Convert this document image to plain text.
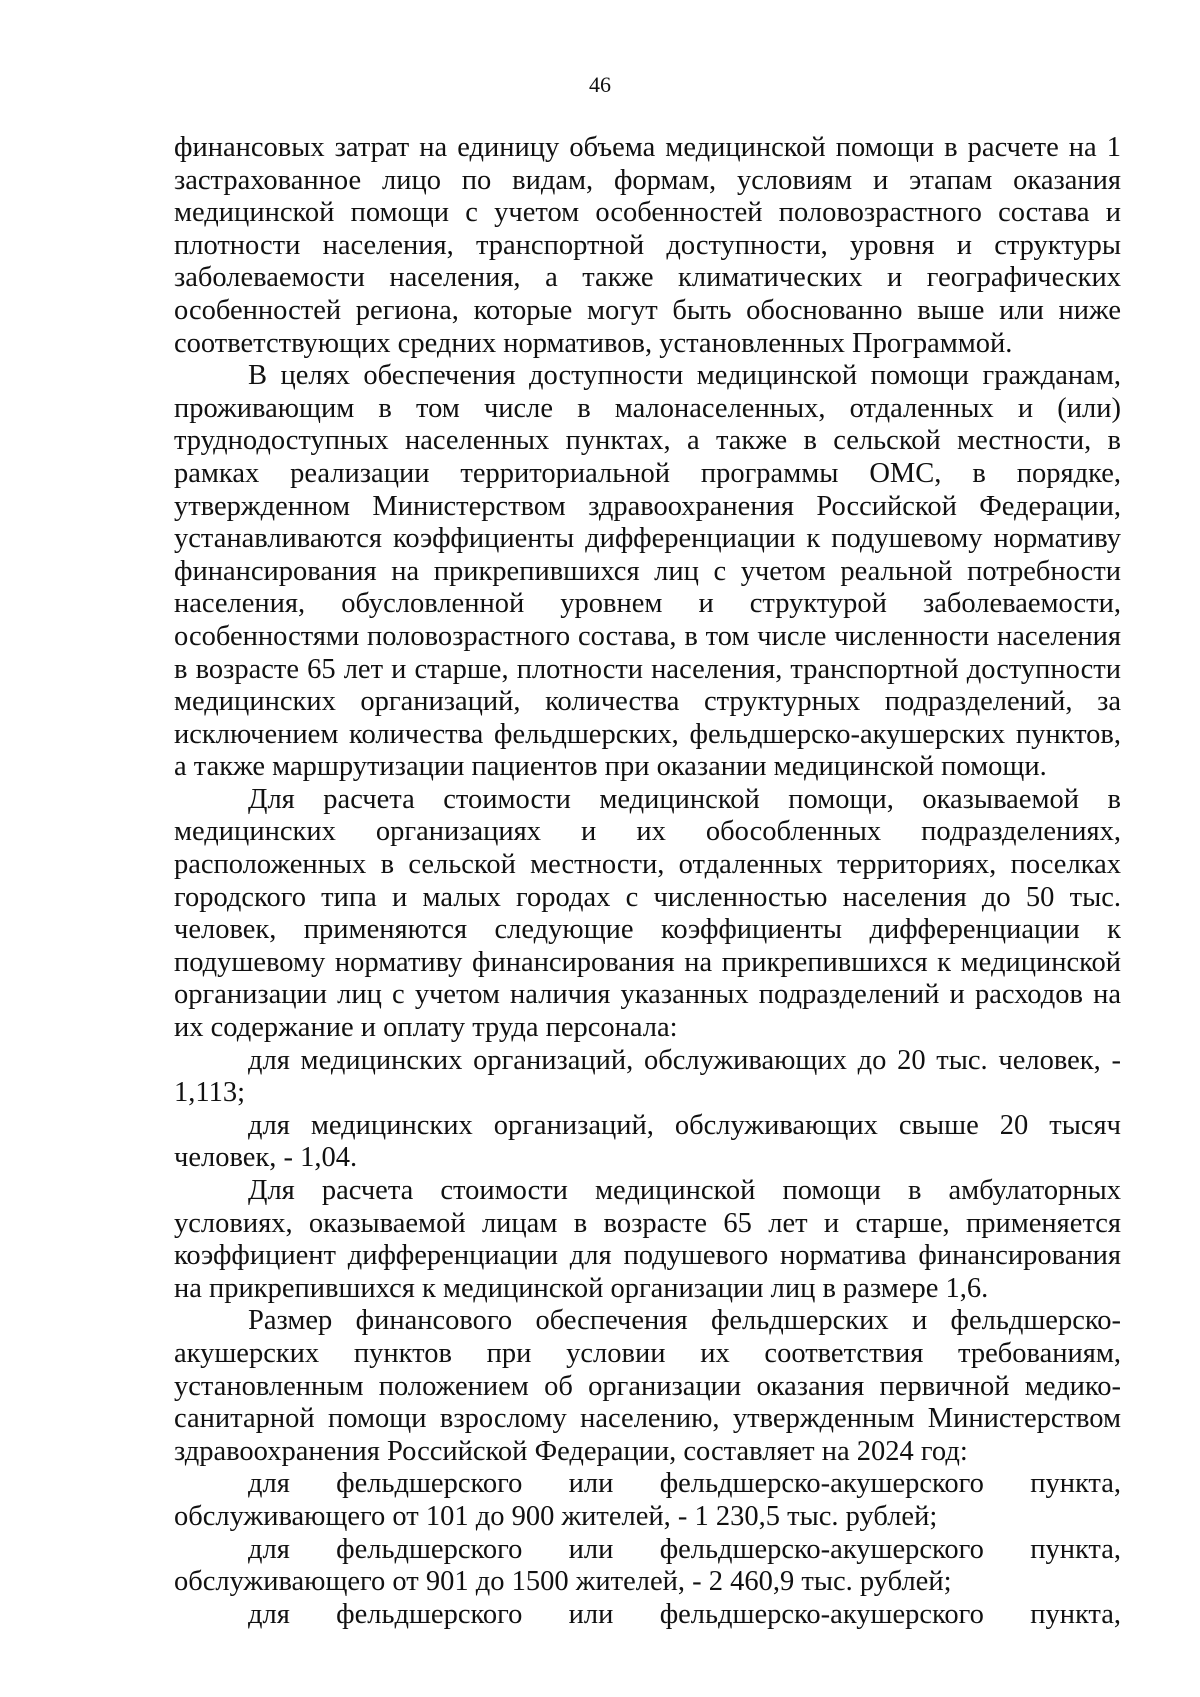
46

финансовых затрат на единицу объема медицинской помощи в расчете на 1 застрахованное лицо по видам, формам, условиям и этапам оказания медицинской помощи с учетом особенностей половозрастного состава и плотности населения, транспортной доступности, уровня и структуры заболеваемости населения, а также климатических и географических особенностей региона, которые могут быть обоснованно выше или ниже соответствующих средних нормативов, установленных Программой.

В целях обеспечения доступности медицинской помощи гражданам, проживающим в том числе в малонаселенных, отдаленных и (или) труднодоступных населенных пунктах, а также в сельской местности, в рамках реализации территориальной программы ОМС, в порядке, утвержденном Министерством здравоохранения Российской Федерации, устанавливаются коэффициенты дифференциации к подушевому нормативу финансирования на прикрепившихся лиц с учетом реальной потребности населения, обусловленной уровнем и структурой заболеваемости, особенностями половозрастного состава, в том числе численности населения в возрасте 65 лет и старше, плотности населения, транспортной доступности медицинских организаций, количества структурных подразделений, за исключением количества фельдшерских, фельдшерско-акушерских пунктов, а также маршрутизации пациентов при оказании медицинской помощи.

Для расчета стоимости медицинской помощи, оказываемой в медицинских организациях и их обособленных подразделениях, расположенных в сельской местности, отдаленных территориях, поселках городского типа и малых городах с численностью населения до 50 тыс. человек, применяются следующие коэффициенты дифференциации к подушевому нормативу финансирования на прикрепившихся к медицинской организации лиц с учетом наличия указанных подразделений и расходов на их содержание и оплату труда персонала:

для медицинских организаций, обслуживающих до 20 тыс. человек, - 1,113;

для медицинских организаций, обслуживающих свыше 20 тысяч человек, - 1,04.

Для расчета стоимости медицинской помощи в амбулаторных условиях, оказываемой лицам в возрасте 65 лет и старше, применяется коэффициент дифференциации для подушевого норматива финансирования на прикрепившихся к медицинской организации лиц в размере 1,6.

Размер финансового обеспечения фельдшерских и фельдшерско-акушерских пунктов при условии их соответствия требованиям, установленным положением об организации оказания первичной медико-санитарной помощи взрослому населению, утвержденным Министерством здравоохранения Российской Федерации, составляет на 2024 год:

для фельдшерского или фельдшерско-акушерского пункта, обслуживающего от 101 до 900 жителей, - 1 230,5 тыс. рублей;

для фельдшерского или фельдшерско-акушерского пункта, обслуживающего от 901 до 1500 жителей, - 2 460,9 тыс. рублей;

для фельдшерского или фельдшерско-акушерского пункта,
